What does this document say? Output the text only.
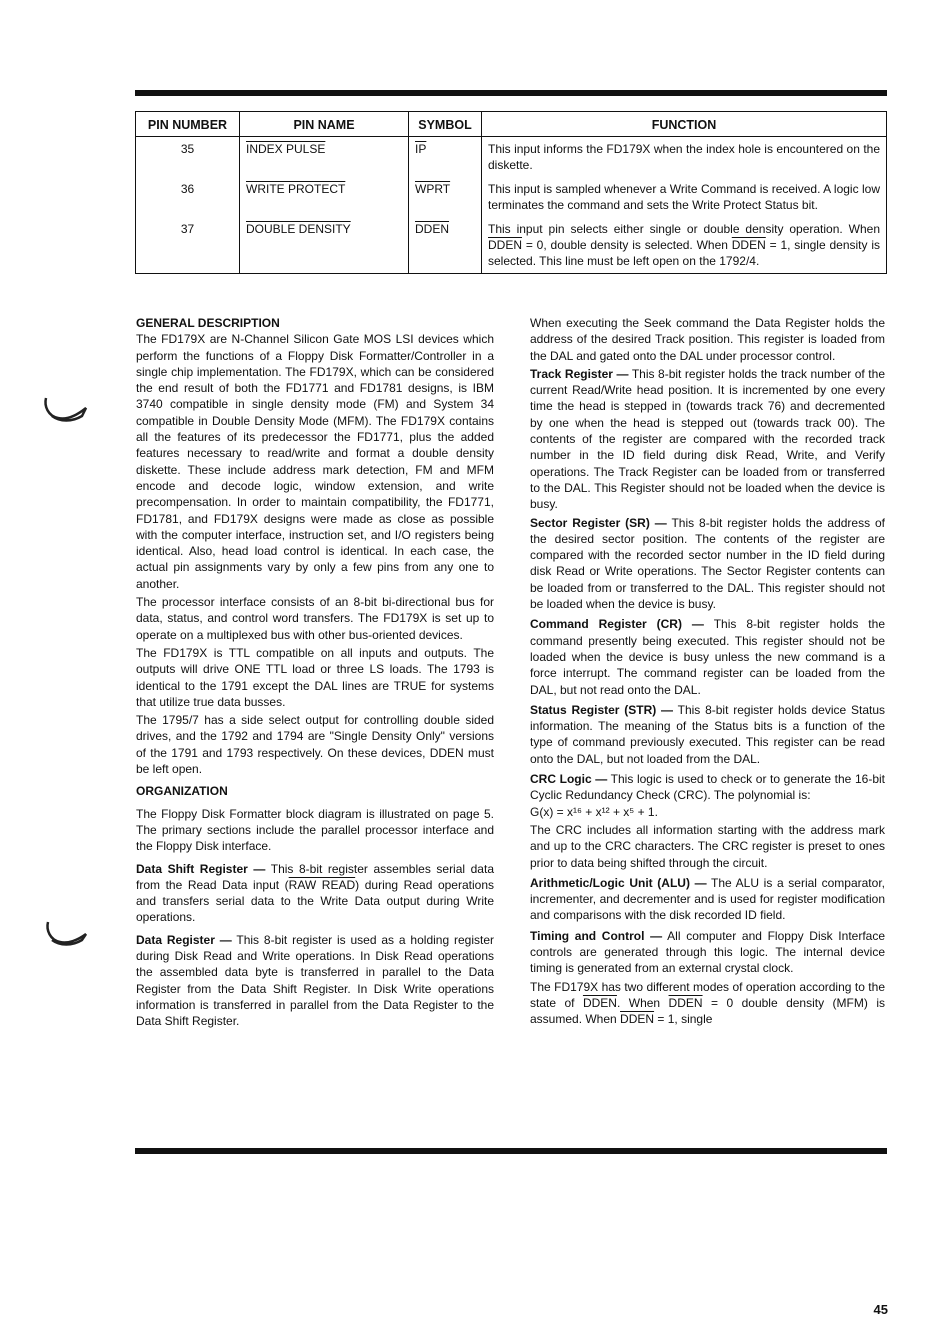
PIN NUMBER	PIN NAME	SYMBOL	FUNCTION
35	INDEX PULSE	$\overline{IP}$	This input informs the FD179X when the index hole is encountered on the diskette.
36	WRITE PROTECT	WPRT	This input is sampled whenever a Write Command is received. A logic low terminates the command and sets the Write Protect Status bit.
37	DOUBLE DENSITY	DDEN	This input pin selects either single or double density operation. When DDEN = 0, double density is selected. When DDEN = 1, single density is selected. This line must be left open on the 1792/4.
GENERAL DESCRIPTION

The FD179X are N-Channel Silicon Gate MOS LSI devices which perform the functions of a Floppy Disk Formatter/Controller in a single chip implementation. The FD179X, which can be considered the end result of both the FD1771 and FD1781 designs, is IBM 3740 compatible in single density mode (FM) and System 34 compatible in Double Density Mode (MFM). The FD179X contains all the features of its predecessor the FD1771, plus the added features necessary to read/write and format a double density diskette. These include address mark detection, FM and MFM encode and decode logic, window extension, and write precompensation. In order to maintain compatibility, the FD1771, FD1781, and FD179X designs were made as close as possible with the computer interface, instruction set, and I/O registers being identical. Also, head load control is identical. In each case, the actual pin assignments vary by only a few pins from any one to another.

The processor interface consists of an 8-bit bi-directional bus for data, status, and control word transfers. The FD179X is set up to operate on a multiplexed bus with other bus-oriented devices.

The FD179X is TTL compatible on all inputs and outputs. The outputs will drive ONE TTL load or three LS loads. The 1793 is identical to the 1791 except the DAL lines are TRUE for systems that utilize true data busses.

The 1795/7 has a side select output for controlling double sided drives, and the 1792 and 1794 are "Single Density Only" versions of the 1791 and 1793 respectively. On these devices, DDEN must be left open.

ORGANIZATION

The Floppy Disk Formatter block diagram is illustrated on page 5. The primary sections include the parallel processor interface and the Floppy Disk interface.

Data Shift Register — This 8-bit register assembles serial data from the Read Data input (RAW READ) during Read operations and transfers serial data to the Write Data output during Write operations.

Data Register — This 8-bit register is used as a holding register during Disk Read and Write operations. In Disk Read operations the assembled data byte is transferred in parallel to the Data Register from the Data Shift Register. In Disk Write operations information is transferred in parallel from the Data Register to the Data Shift Register.

When executing the Seek command the Data Register holds the address of the desired Track position. This register is loaded from the DAL and gated onto the DAL under processor control.

Track Register — This 8-bit register holds the track number of the current Read/Write head position. It is incremented by one every time the head is stepped in (towards track 76) and decremented by one when the head is stepped out (towards track 00). The contents of the register are compared with the recorded track number in the ID field during disk Read, Write, and Verify operations. The Track Register can be loaded from or transferred to the DAL. This Register should not be loaded when the device is busy.

Sector Register (SR) — This 8-bit register holds the address of the desired sector position. The contents of the register are compared with the recorded sector number in the ID field during disk Read or Write operations. The Sector Register contents can be loaded from or transferred to the DAL. This register should not be loaded when the device is busy.

Command Register (CR) — This 8-bit register holds the command presently being executed. This register should not be loaded when the device is busy unless the new command is a force interrupt. The command register can be loaded from the DAL, but not read onto the DAL.

Status Register (STR) — This 8-bit register holds device Status information. The meaning of the Status bits is a function of the type of command previously executed. This register can be read onto the DAL, but not loaded from the DAL.

CRC Logic — This logic is used to check or to generate the 16-bit Cyclic Redundancy Check (CRC). The polynomial is:
G(x) = x¹⁶ + x¹² + x⁵ + 1.

The CRC includes all information starting with the address mark and up to the CRC characters. The CRC register is preset to ones prior to data being shifted through the circuit.

Arithmetic/Logic Unit (ALU) — The ALU is a serial comparator, incrementer, and decrementer and is used for register modification and comparisons with the disk recorded ID field.

Timing and Control — All computer and Floppy Disk Interface controls are generated through this logic. The internal device timing is generated from an external crystal clock.

The FD179X has two different modes of operation according to the state of DDEN. When DDEN = 0 double density (MFM) is assumed. When DDEN = 1, single

45
